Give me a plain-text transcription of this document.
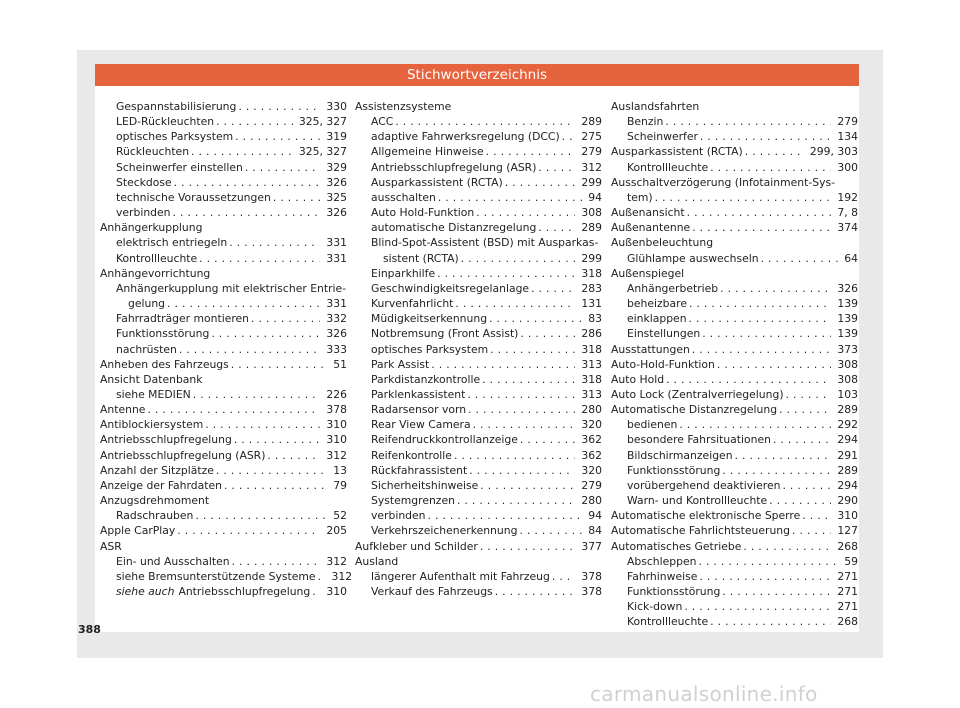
Stichwortverzeichnis
Gespannstabilisierung . . .	330
LED-Rückleuchten . . .	325, 327
optisches Parksystem . . .	319
Rückleuchten . . .	325, 327
Scheinwerfer einstellen . . .	329
Steckdose . . .	326
technische Voraussetzungen . . .	325
verbinden . . .	326
Anhängerkupplung
elektrisch entriegeln . . .	331
Kontrollleuchte . . .	331
Anhängevorrichtung
Anhängerkupplung mit elektrischer Entrie-
gelung . . .	331
Fahrradträger montieren . . .	332
Funktionsstörung . . .	326
nachrüsten . . .	333
Anheben des Fahrzeugs . . .	51
Ansicht Datenbank
siehe MEDIEN . . .	226
Antenne . . .	378
Antiblockiersystem . . .	310
Antriebsschlupfregelung . . .	310
Antriebsschlupfregelung (ASR) . . .	312
Anzahl der Sitzplätze . . .	13
Anzeige der Fahrdaten . . .	79
Anzugsdrehmoment
Radschrauben . . .	52
Apple CarPlay . . .	205
ASR
Ein- und Ausschalten . . .	312
siehe Bremsunterstützende Systeme . . . 312
siehe auch Antriebsschlupfregelung . . . 310
Assistenzsysteme
ACC . . .	289
adaptive Fahrwerksregelung (DCC) . . . 275
Allgemeine Hinweise . . .	279
Antriebsschlupfregelung (ASR) . . .	312
Ausparkassistent (RCTA) . . .	299
ausschalten . . .	94
Auto Hold-Funktion . . .	308
automatische Distanzregelung . . .	289
Blind-Spot-Assistent (BSD) mit Ausparkas-
sistent (RCTA) . . .	299
Einparkhilfe . . .	318
Geschwindigkeitsregelanlage . . .	283
Kurvenfahrlicht . . .	131
Müdigkeitserkennung . . .	83
Notbremsung (Front Assist) . . .	286
optisches Parksystem . . .	318
Park Assist . . .	313
Parkdistanzkontrolle . . .	318
Parklenkassistent . . .	313
Radarsensor vorn . . .	280
Rear View Camera . . .	320
Reifendruckkontrollanzeige . . .	362
Reifenkontrolle . . .	362
Rückfahrassistent . . .	320
Sicherheitshinweise . . .	279
Systemgrenzen . . .	280
verbinden . . .	94
Verkehrszeichenerkennung . . .	84
Aufkleber und Schilder . . .	377
Ausland
längerer Aufenthalt mit Fahrzeug . . .	378
Verkauf des Fahrzeugs . . .	378
Auslandsfahrten
Benzin . . .	279
Scheinwerfer . . .	134
Ausparkassistent (RCTA) . . .	299, 303
Kontrollleuchte . . .	300
Ausschaltverzögerung (Infotainment-Sys-
tem) . . .	192
Außenansicht . . .	7, 8
Außenantenne . . .	374
Außenbeleuchtung
Glühlampe auswechseln . . .	64
Außenspiegel
Anhängerbetrieb . . .	326
beheizbare . . .	139
einklappen . . .	139
Einstellungen . . .	139
Ausstattungen . . .	373
Auto-Hold-Funktion . . .	308
Auto Hold . . .	308
Auto Lock (Zentralverriegelung) . . .	103
Automatische Distanzregelung . . .	289
bedienen . . .	292
besondere Fahrsituationen . . .	294
Bildschirmanzeigen . . .	291
Funktionsstörung . . .	289
vorübergehend deaktivieren . . .	294
Warn- und Kontrollleuchte . . .	290
Automatische elektronische Sperre . . .	310
Automatische Fahrlichtsteuerung . . .	127
Automatisches Getriebe . . .	268
Abschleppen . . .	59
Fahrhinweise . . .	271
Funktionsstörung . . .	271
Kick-down . . .	271
Kontrollleuchte . . .	268
388
carmanualsonline.info
